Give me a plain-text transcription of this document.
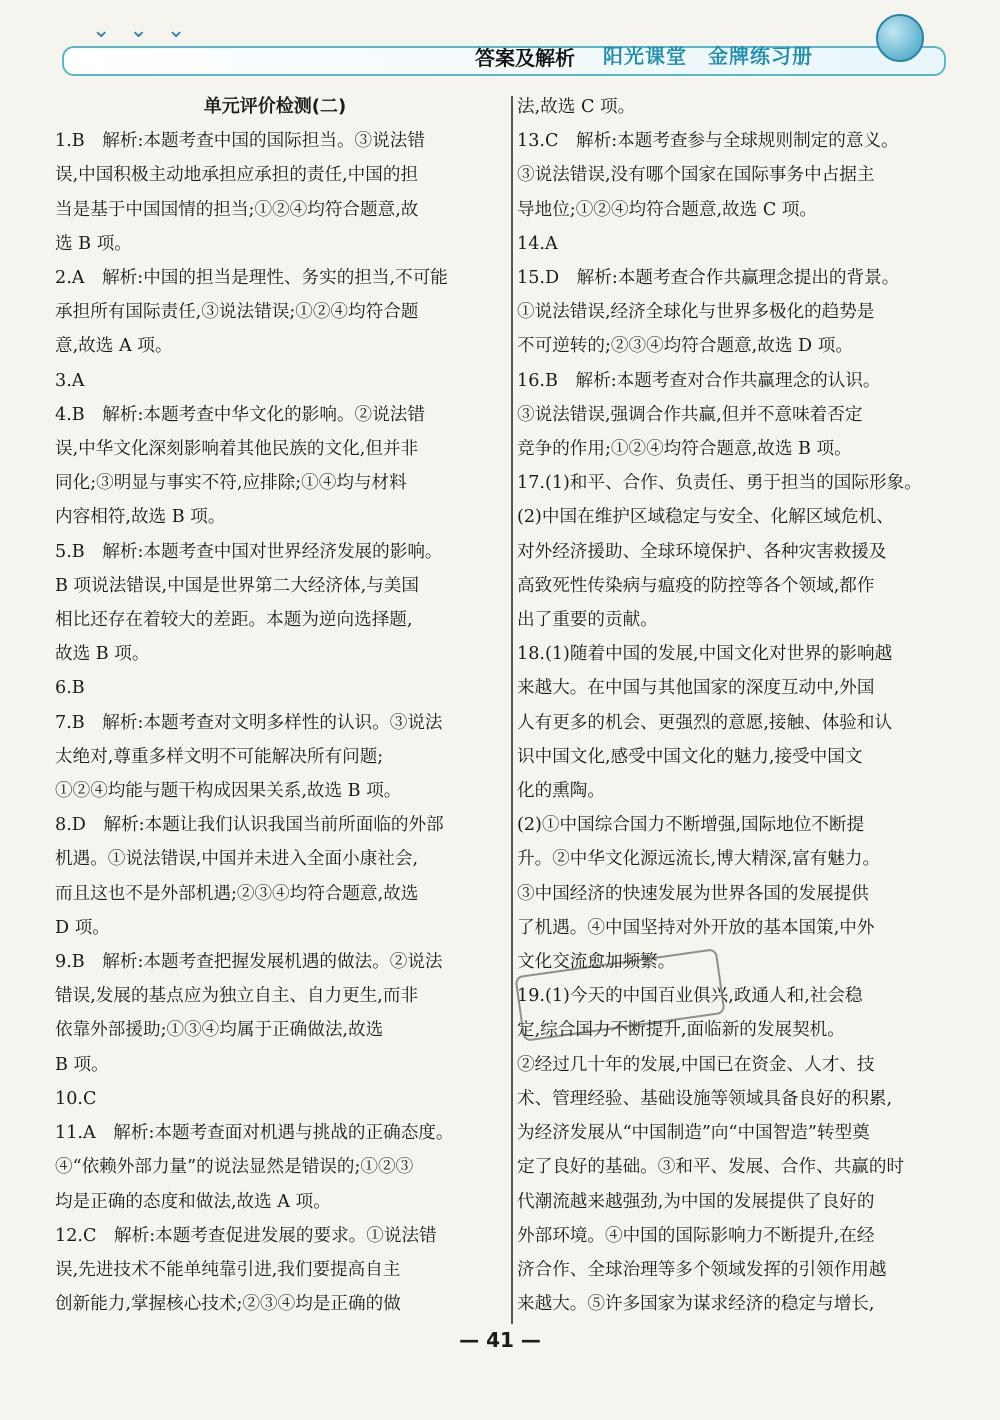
⌄ ⌄ ⌄
答案及解析 阳光课堂　金牌练习册

单元评价检测(二)

1.B　解析:本题考查中国的国际担当。③说法错

误,中国积极主动地承担应承担的责任,中国的担

当是基于中国国情的担当;①②④均符合题意,故

选 B 项。

2.A　解析:中国的担当是理性、务实的担当,不可能

承担所有国际责任,③说法错误;①②④均符合题

意,故选 A 项。

3.A

4.B　解析:本题考查中华文化的影响。②说法错

误,中华文化深刻影响着其他民族的文化,但并非

同化;③明显与事实不符,应排除;①④均与材料

内容相符,故选 B 项。

5.B　解析:本题考查中国对世界经济发展的影响。

B 项说法错误,中国是世界第二大经济体,与美国

相比还存在着较大的差距。本题为逆向选择题,

故选 B 项。

6.B

7.B　解析:本题考查对文明多样性的认识。③说法

太绝对,尊重多样文明不可能解决所有问题;

①②④均能与题干构成因果关系,故选 B 项。

8.D　解析:本题让我们认识我国当前所面临的外部

机遇。①说法错误,中国并未进入全面小康社会,

而且这也不是外部机遇;②③④均符合题意,故选

D 项。

9.B　解析:本题考查把握发展机遇的做法。②说法

错误,发展的基点应为独立自主、自力更生,而非

依靠外部援助;①③④均属于正确做法,故选

B 项。

10.C

11.A　解析:本题考查面对机遇与挑战的正确态度。

④“依赖外部力量”的说法显然是错误的;①②③

均是正确的态度和做法,故选 A 项。

12.C　解析:本题考查促进发展的要求。①说法错

误,先进技术不能单纯靠引进,我们要提高自主

创新能力,掌握核心技术;②③④均是正确的做

法,故选 C 项。

13.C　解析:本题考查参与全球规则制定的意义。

③说法错误,没有哪个国家在国际事务中占据主

导地位;①②④均符合题意,故选 C 项。

14.A

15.D　解析:本题考查合作共赢理念提出的背景。

①说法错误,经济全球化与世界多极化的趋势是

不可逆转的;②③④均符合题意,故选 D 项。

16.B　解析:本题考查对合作共赢理念的认识。

③说法错误,强调合作共赢,但并不意味着否定

竞争的作用;①②④均符合题意,故选 B 项。

17.(1)和平、合作、负责任、勇于担当的国际形象。

(2)中国在维护区域稳定与安全、化解区域危机、

对外经济援助、全球环境保护、各种灾害救援及

高致死性传染病与瘟疫的防控等各个领域,都作

出了重要的贡献。

18.(1)随着中国的发展,中国文化对世界的影响越

来越大。在中国与其他国家的深度互动中,外国

人有更多的机会、更强烈的意愿,接触、体验和认

识中国文化,感受中国文化的魅力,接受中国文

化的熏陶。

(2)①中国综合国力不断增强,国际地位不断提

升。②中华文化源远流长,博大精深,富有魅力。

③中国经济的快速发展为世界各国的发展提供

了机遇。④中国坚持对外开放的基本国策,中外

文化交流愈加频繁。

19.(1)今天的中国百业俱兴,政通人和,社会稳

定,综合国力不断提升,面临新的发展契机。

②经过几十年的发展,中国已在资金、人才、技

术、管理经验、基础设施等领域具备良好的积累,

为经济发展从“中国制造”向“中国智造”转型奠

定了良好的基础。③和平、发展、合作、共赢的时

代潮流越来越强劲,为中国的发展提供了良好的

外部环境。④中国的国际影响力不断提升,在经

济合作、全球治理等多个领域发挥的引领作用越

来越大。⑤许多国家为谋求经济的稳定与增长,

— 41 —
